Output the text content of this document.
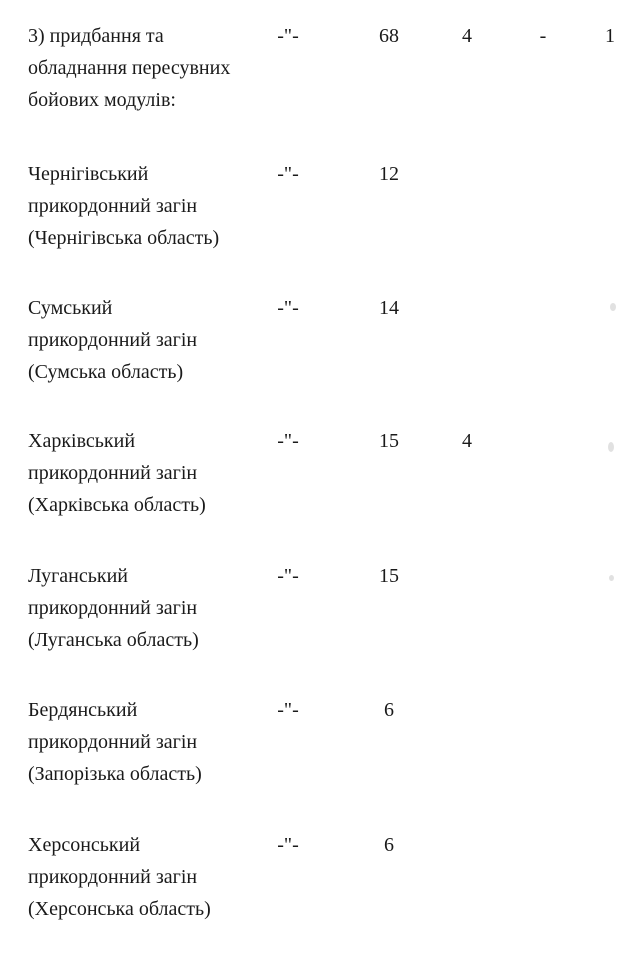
3) придбання та
обладнання пересувних
бойових модулів:
-"-	68	4	-	1
Чернігівський
прикордонний загін
(Чернігівська область)
-"-	12
Сумський
прикордонний загін
(Сумська область)
-"-	14
Харківський
прикордонний загін
(Харківська область)
-"-	15	4
Луганський
прикордонний загін
(Луганська область)
-"-	15
Бердянський
прикордонний загін
(Запорізька область)
-"-	6
Херсонський
прикордонний загін
(Херсонська область)
-"-	6
